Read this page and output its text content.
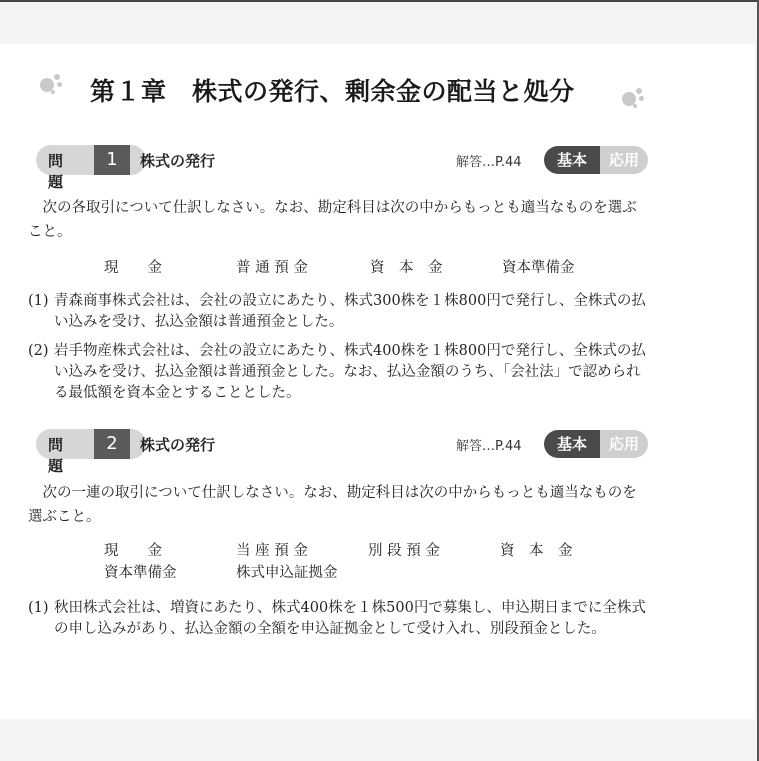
第１章　株式の発行、剰余金の配当と処分
問題
1	株式の発行	解答…P.44	基本	応用
次の各取引について仕訳しなさい。なお、勘定科目は次の中からもっとも適当なものを選ぶこと。
現　　金	普 通 預 金	資　本　金	資本準備金
(1) 青森商事株式会社は、会社の設立にあたり、株式300株を１株800円で発行し、全株式の払い込みを受け、払込金額は普通預金とした。
(2) 岩手物産株式会社は、会社の設立にあたり、株式400株を１株800円で発行し、全株式の払い込みを受け、払込金額は普通預金とした。なお、払込金額のうち、「会社法」で認められる最低額を資本金とすることとした。
問題
2	株式の発行	解答…P.44	基本	応用
次の一連の取引について仕訳しなさい。なお、勘定科目は次の中からもっとも適当なものを選ぶこと。
現　　金	当 座 預 金	別 段 預 金	資　本　金
資本準備金	株式申込証拠金
(1) 秋田株式会社は、増資にあたり、株式400株を１株500円で募集し、申込期日までに全株式の申し込みがあり、払込金額の全額を申込証拠金として受け入れ、別段預金とした。
